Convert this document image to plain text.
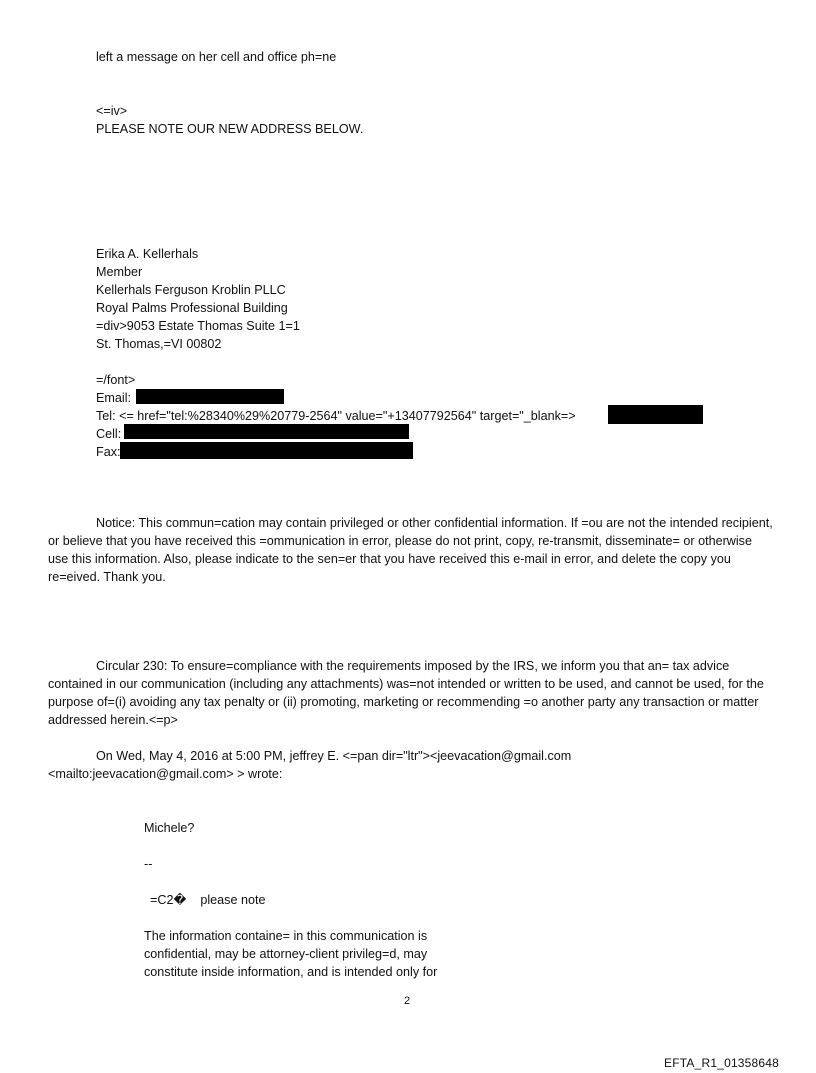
left a message on her cell and office ph=ne
<=iv>
PLEASE NOTE OUR NEW ADDRESS BELOW.
Erika A. Kellerhals
Member
Kellerhals Ferguson Kroblin PLLC
Royal Palms Professional Building
=div>9053 Estate Thomas Suite 1=1
St. Thomas,=VI 00802
=/font>
Email:
Tel: <= href="tel:%28340%29%20779-2564" value="+13407792564" target="_blank=>
Cell:
Fax:
Notice: This commun=cation may contain privileged or other confidential information. If =ou are not the intended recipient, or believe that you have received this =ommunication in error, please do not print, copy, re-transmit, disseminate= or otherwise use this information. Also, please indicate to the sen=er that you have received this e-mail in error, and delete the copy you re=eived. Thank you.
Circular 230: To ensure=compliance with the requirements imposed by the IRS, we inform you that an= tax advice contained in our communication (including any attachments) was=not intended or written to be used, and cannot be used, for the purpose of=(i) avoiding any tax penalty or (ii) promoting, marketing or recommending =o another party any transaction or matter addressed herein.<=p>
On Wed, May 4, 2016 at 5:00 PM, jeffrey E. <=pan dir="ltr"><jeevacation@gmail.com <mailto:jeevacation@gmail.com> > wrote:
Michele?
--
=C2�    please note
The information containe= in this communication is
confidential, may be attorney-client privileg=d, may
constitute inside information, and is intended only for
2
EFTA_R1_01358648
